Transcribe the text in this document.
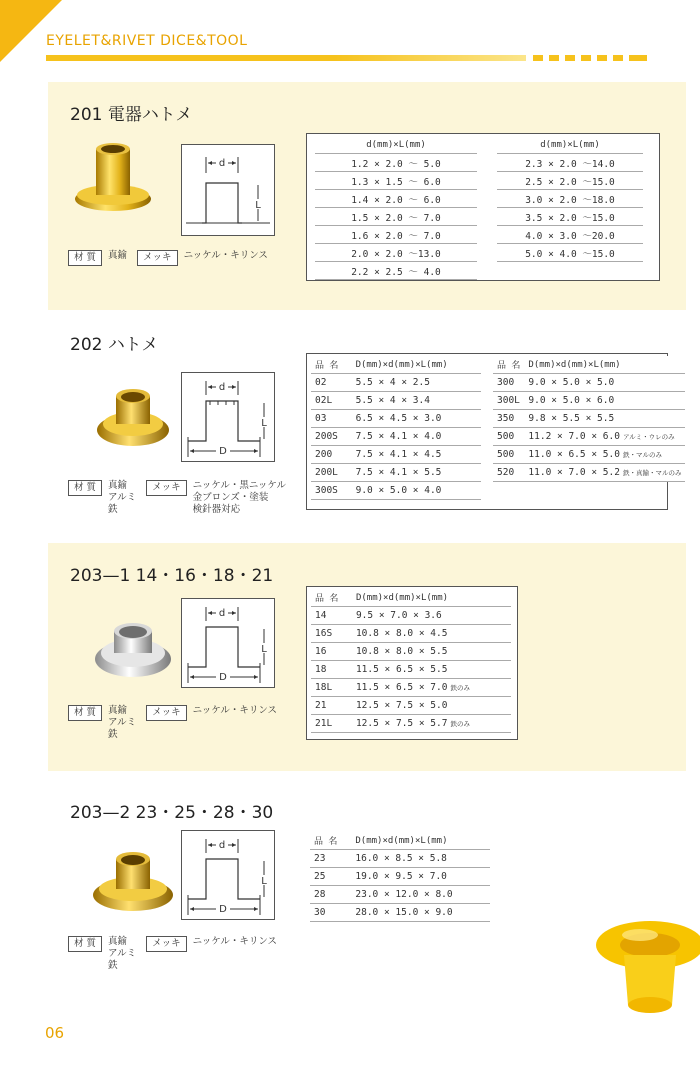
EYELET&RIVET DICE&TOOL
201 電器ハトメ
d
L
材 質	真鍮	メッキ	ニッケル・キリンス
d(mm)×L(mm)
1.2 × 2.0 ～ 5.0
1.3 × 1.5 ～ 6.0
1.4 × 2.0 ～ 6.0
1.5 × 2.0 ～ 7.0
1.6 × 2.0 ～ 7.0
2.0 × 2.0 ～13.0
2.2 × 2.5 ～ 4.0
d(mm)×L(mm)
2.3 × 2.0 ～14.0
2.5 × 2.0 ～15.0
3.0 × 2.0 ～18.0
3.5 × 2.0 ～15.0
4.0 × 3.0 ～20.0
5.0 × 4.0 ～15.0
202 ハトメ
d
L
D
材 質	真鍮
アルミ
鉄
メッキ	ニッケル・黒ニッケル
金ブロンズ・塗装
検針器対応
品 名	D(mm)×d(mm)×L(mm)
02	5.5 × 4 × 2.5
02L	5.5 × 4 × 3.4
03	6.5 × 4.5 × 3.0
200S	7.5 × 4.1 × 4.0
200	7.5 × 4.1 × 4.5
200L	7.5 × 4.1 × 5.5
300S	9.0 × 5.0 × 4.0
品 名	D(mm)×d(mm)×L(mm)
300	9.0 × 5.0 × 5.0
300L	9.0 × 5.0 × 6.0
350	9.8 × 5.5 × 5.5
500	11.2 × 7.0 × 6.0 アルミ・ウレのみ
500	11.0 × 6.5 × 5.0 鉄・マルのみ
520	11.0 × 7.0 × 5.2 鉄・真鍮・マルのみ
203—1 14・16・18・21
d
L
D
材 質	真鍮
アルミ
鉄
メッキ	ニッケル・キリンス
品 名	D(mm)×d(mm)×L(mm)
14	9.5 × 7.0 × 3.6
16S	10.8 × 8.0 × 4.5
16	10.8 × 8.0 × 5.5
18	11.5 × 6.5 × 5.5
18L	11.5 × 6.5 × 7.0 鉄のみ
21	12.5 × 7.5 × 5.0
21L	12.5 × 7.5 × 5.7 鉄のみ
203—2 23・25・28・30
d
L
D
材 質	真鍮
アルミ
鉄
メッキ	ニッケル・キリンス
品 名	D(mm)×d(mm)×L(mm)
23	16.0 × 8.5 × 5.8
25	19.0 × 9.5 × 7.0
28	23.0 × 12.0 × 8.0
30	28.0 × 15.0 × 9.0
06
